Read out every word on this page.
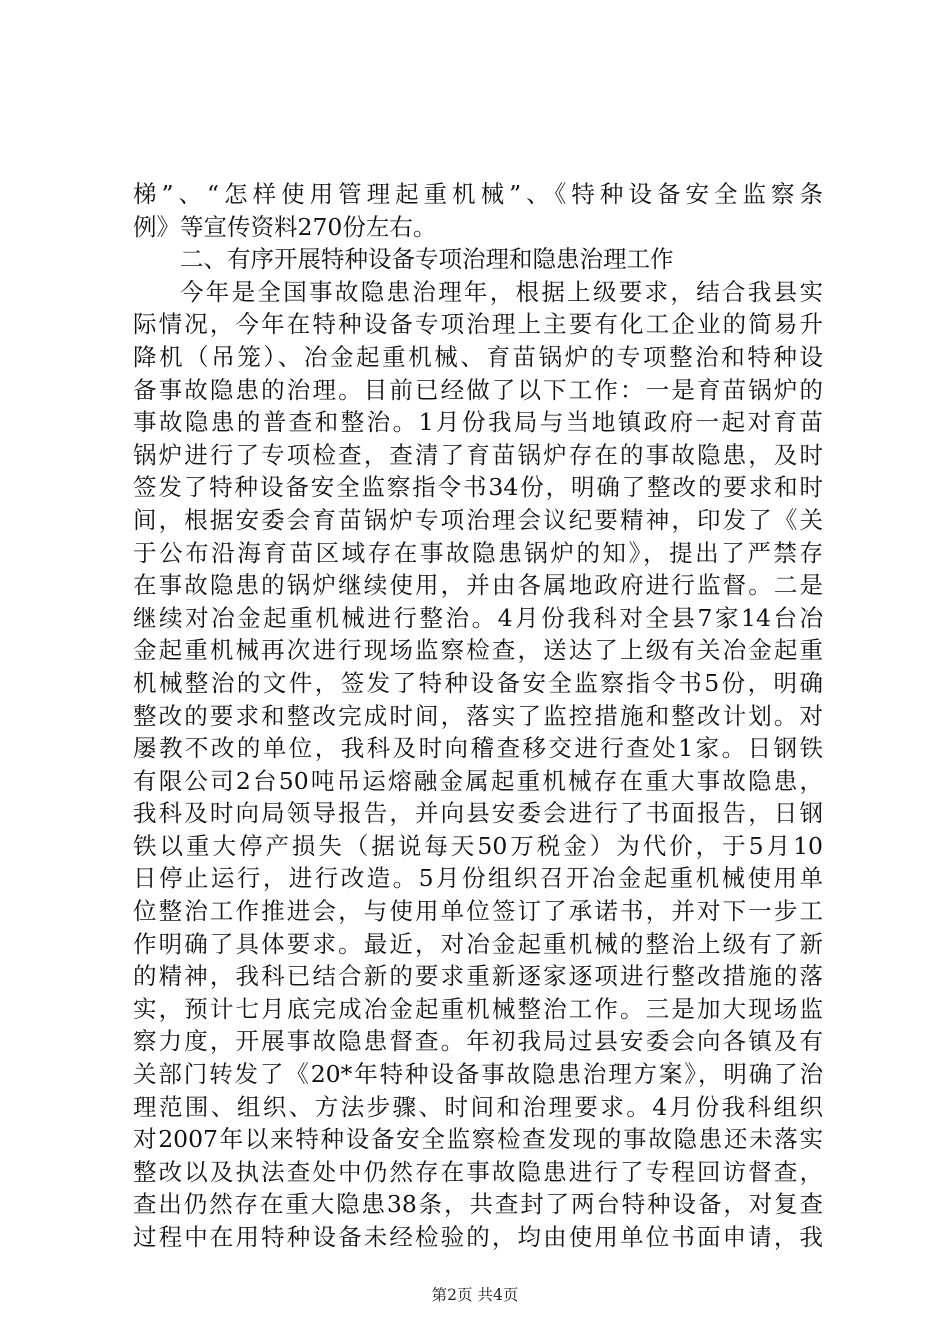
梯”、“怎样使用管理起重机械”、《特种设备安全监察条
例》等宣传资料270份左右。
二、有序开展特种设备专项治理和隐患治理工作
今年是全国事故隐患治理年，根据上级要求，结合我县实
际情况，今年在特种设备专项治理上主要有化工企业的简易升
降机（吊笼）、冶金起重机械、育苗锅炉的专项整治和特种设
备事故隐患的治理。目前已经做了以下工作：一是育苗锅炉的
事故隐患的普查和整治。1月份我局与当地镇政府一起对育苗
锅炉进行了专项检查，查清了育苗锅炉存在的事故隐患，及时
签发了特种设备安全监察指令书34份，明确了整改的要求和时
间，根据安委会育苗锅炉专项治理会议纪要精神，印发了《关
于公布沿海育苗区域存在事故隐患锅炉的知》，提出了严禁存
在事故隐患的锅炉继续使用，并由各属地政府进行监督。二是
继续对冶金起重机械进行整治。4月份我科对全县7家14台冶
金起重机械再次进行现场监察检查，送达了上级有关冶金起重
机械整治的文件，签发了特种设备安全监察指令书5份，明确
整改的要求和整改完成时间，落实了监控措施和整改计划。对
屡教不改的单位，我科及时向稽查移交进行查处1家。日钢铁
有限公司2台50吨吊运熔融金属起重机械存在重大事故隐患，
我科及时向局领导报告，并向县安委会进行了书面报告，日钢
铁以重大停产损失（据说每天50万税金）为代价，于5月10
日停止运行，进行改造。5月份组织召开冶金起重机械使用单
位整治工作推进会，与使用单位签订了承诺书，并对下一步工
作明确了具体要求。最近，对冶金起重机械的整治上级有了新
的精神，我科已结合新的要求重新逐家逐项进行整改措施的落
实，预计七月底完成冶金起重机械整治工作。三是加大现场监
察力度，开展事故隐患督查。年初我局过县安委会向各镇及有
关部门转发了《20*年特种设备事故隐患治理方案》，明确了治
理范围、组织、方法步骤、时间和治理要求。4月份我科组织
对2007年以来特种设备安全监察检查发现的事故隐患还未落实
整改以及执法查处中仍然存在事故隐患进行了专程回访督查，
查出仍然存在重大隐患38条，共查封了两台特种设备，对复查
过程中在用特种设备未经检验的，均由使用单位书面申请，我
第2页 共4页
